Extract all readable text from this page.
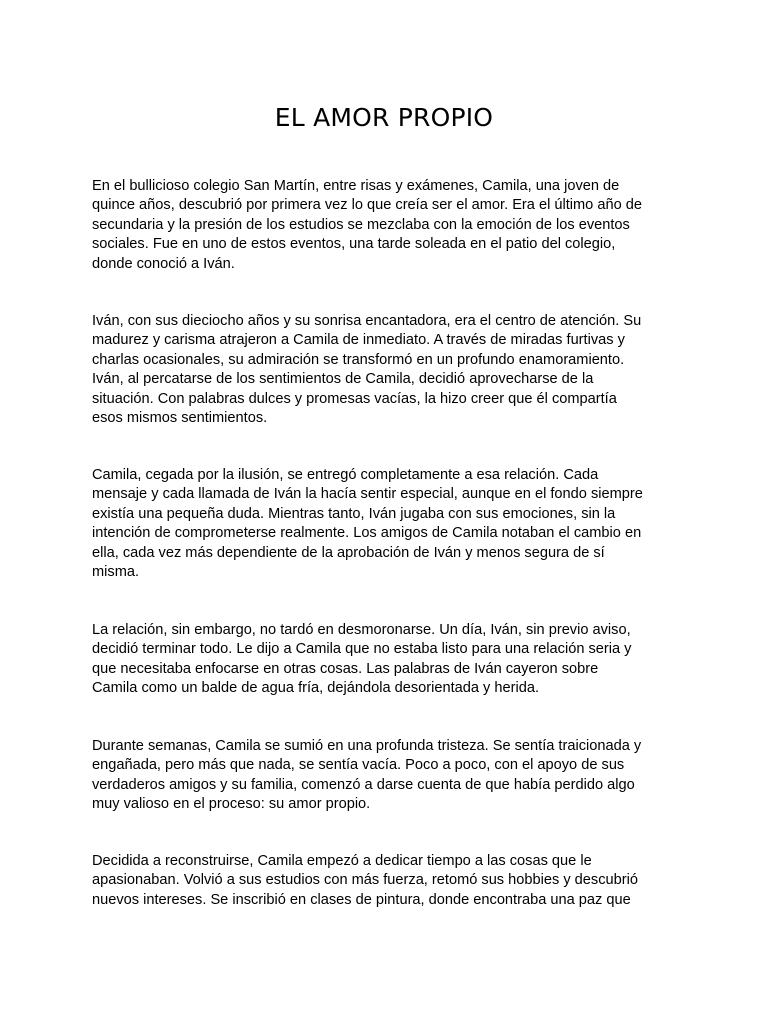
EL AMOR PROPIO

En el bullicioso colegio San Martín, entre risas y exámenes, Camila, una joven de
quince años, descubrió por primera vez lo que creía ser el amor. Era el último año de
secundaria y la presión de los estudios se mezclaba con la emoción de los eventos
sociales. Fue en uno de estos eventos, una tarde soleada en el patio del colegio,
donde conoció a Iván.

Iván, con sus dieciocho años y su sonrisa encantadora, era el centro de atención. Su
madurez y carisma atrajeron a Camila de inmediato. A través de miradas furtivas y
charlas ocasionales, su admiración se transformó en un profundo enamoramiento.
Iván, al percatarse de los sentimientos de Camila, decidió aprovecharse de la
situación. Con palabras dulces y promesas vacías, la hizo creer que él compartía
esos mismos sentimientos.

Camila, cegada por la ilusión, se entregó completamente a esa relación. Cada
mensaje y cada llamada de Iván la hacía sentir especial, aunque en el fondo siempre
existía una pequeña duda. Mientras tanto, Iván jugaba con sus emociones, sin la
intención de comprometerse realmente. Los amigos de Camila notaban el cambio en
ella, cada vez más dependiente de la aprobación de Iván y menos segura de sí
misma.

La relación, sin embargo, no tardó en desmoronarse. Un día, Iván, sin previo aviso,
decidió terminar todo. Le dijo a Camila que no estaba listo para una relación seria y
que necesitaba enfocarse en otras cosas. Las palabras de Iván cayeron sobre
Camila como un balde de agua fría, dejándola desorientada y herida.

Durante semanas, Camila se sumió en una profunda tristeza. Se sentía traicionada y
engañada, pero más que nada, se sentía vacía. Poco a poco, con el apoyo de sus
verdaderos amigos y su familia, comenzó a darse cuenta de que había perdido algo
muy valioso en el proceso: su amor propio.

Decidida a reconstruirse, Camila empezó a dedicar tiempo a las cosas que le
apasionaban. Volvió a sus estudios con más fuerza, retomó sus hobbies y descubrió
nuevos intereses. Se inscribió en clases de pintura, donde encontraba una paz que
